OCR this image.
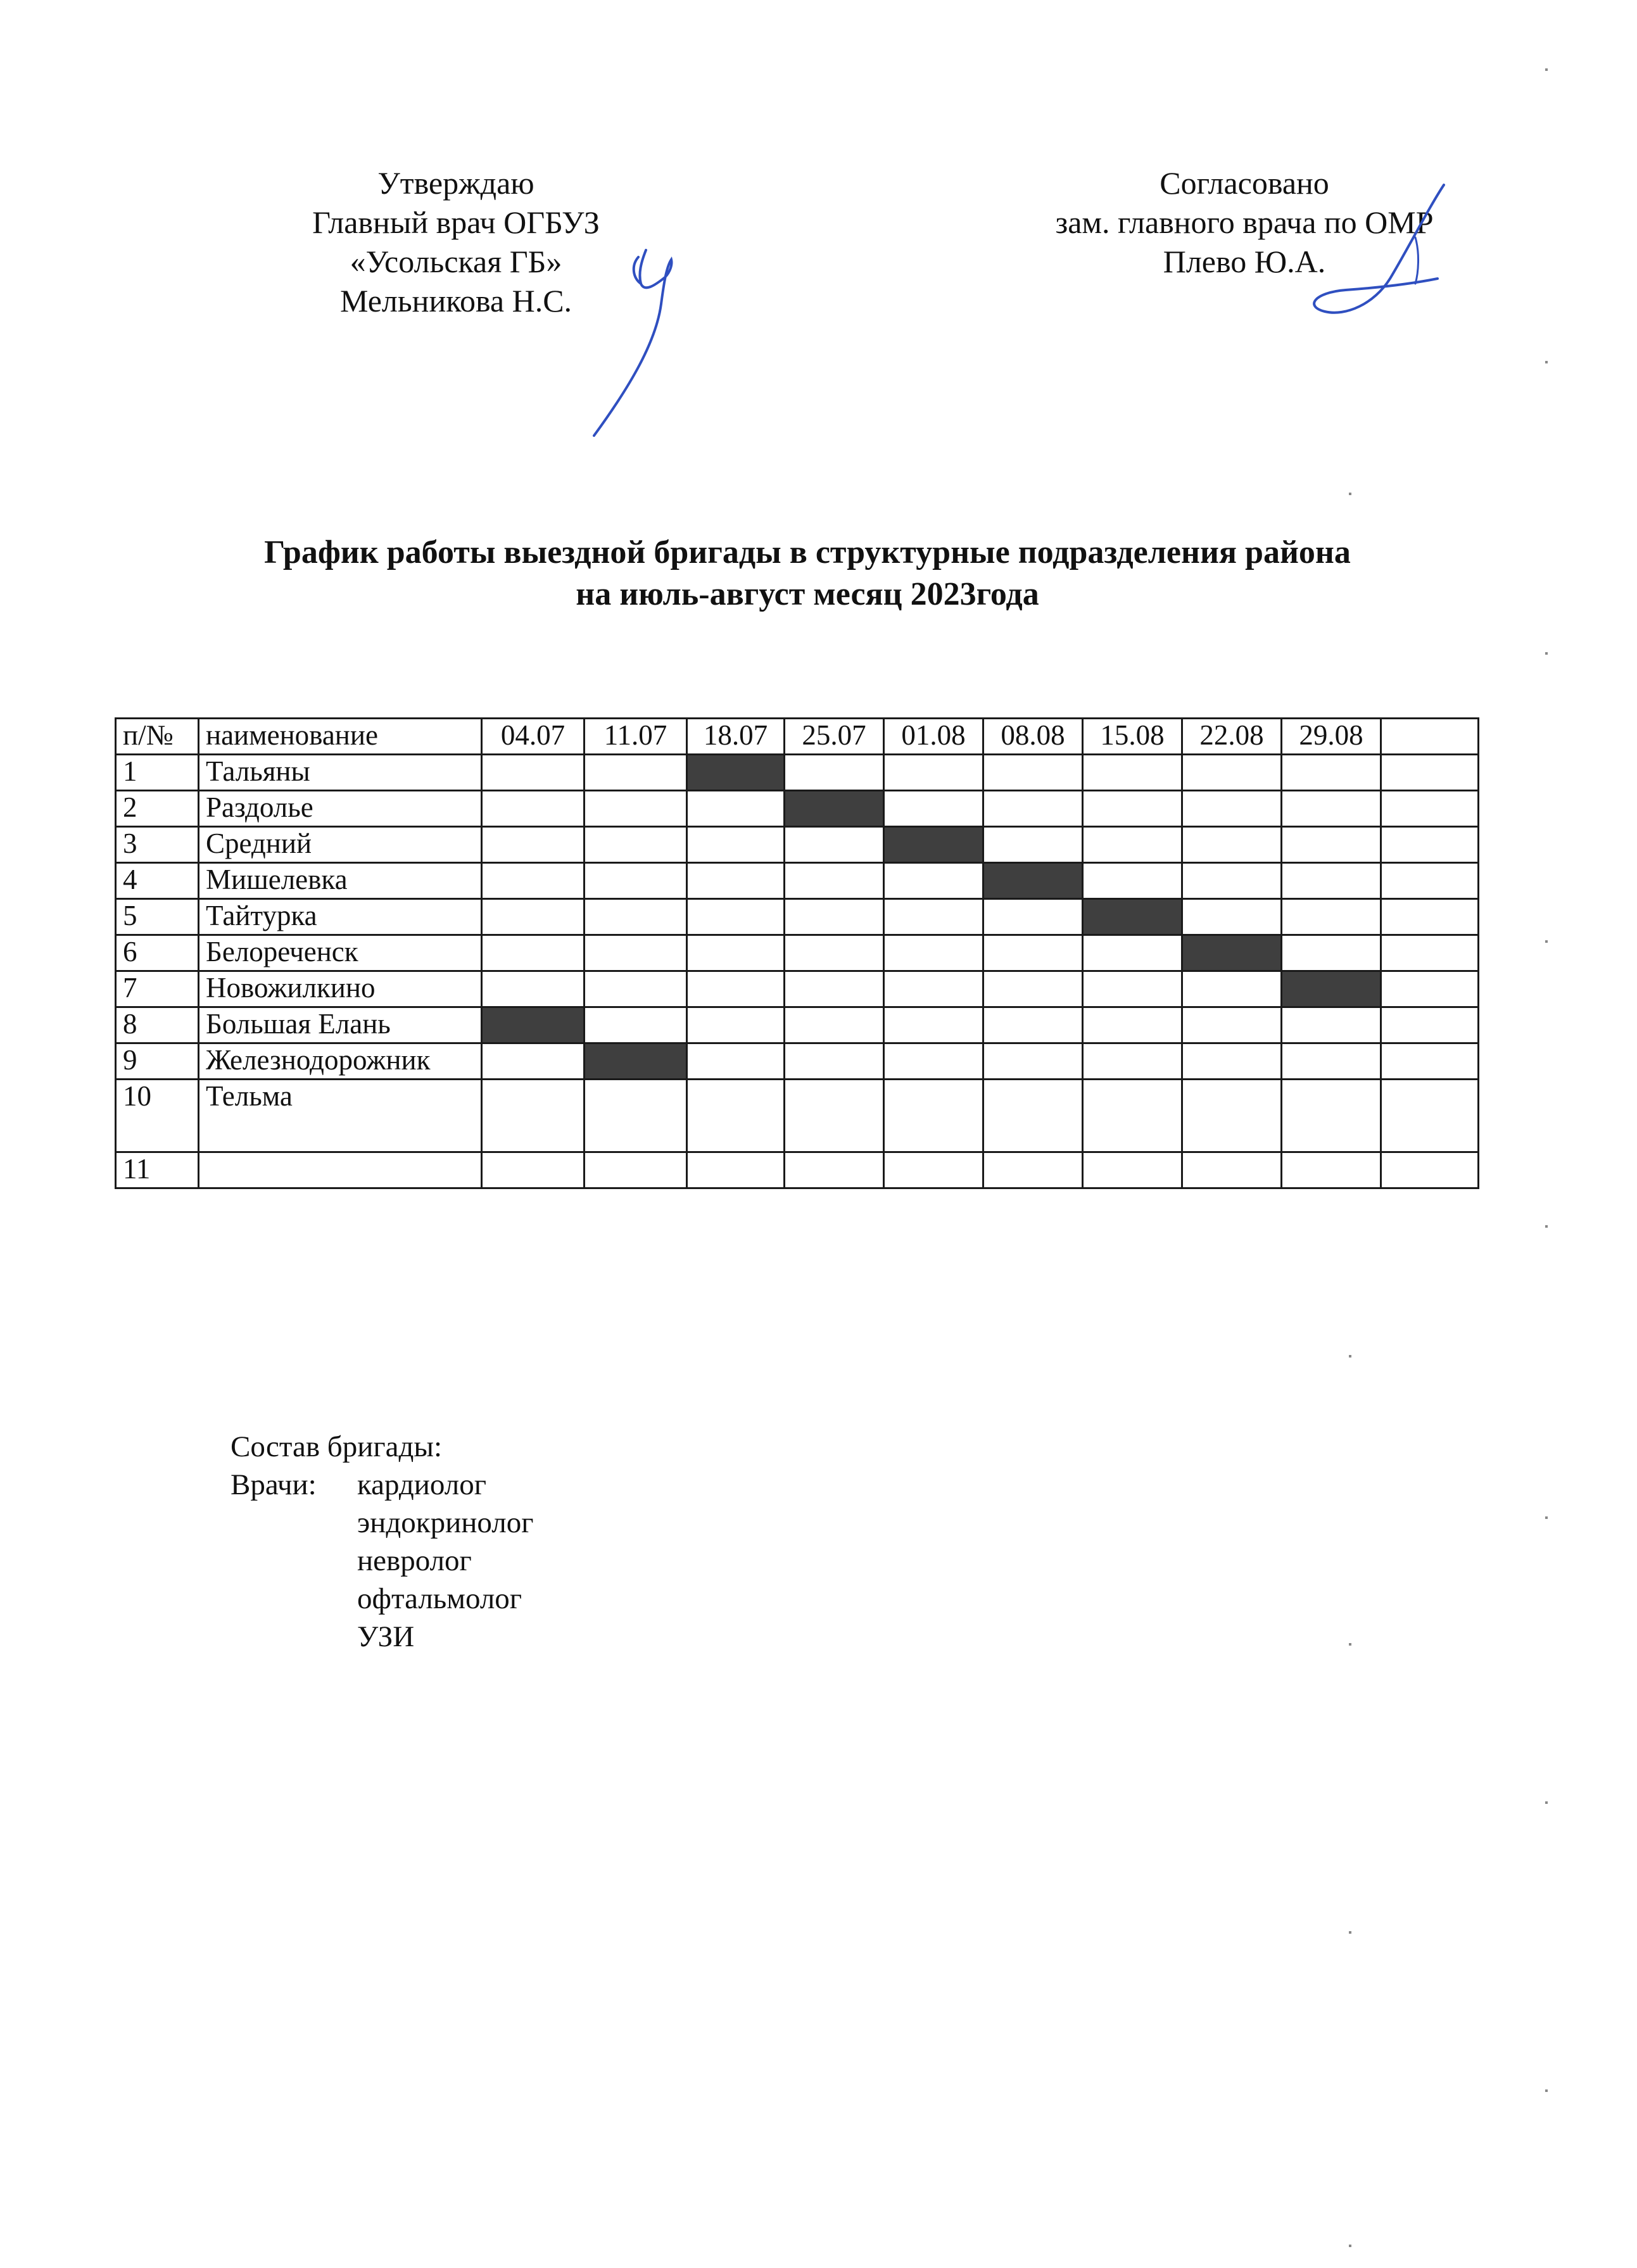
Утверждаю
Главный врач ОГБУЗ «Усольская ГБ»
Мельникова Н.С.
Согласовано
зам. главного врача по ОМР
Плево Ю.А.
График работы выездной бригады в структурные подразделения района
на июль-август месяц 2023года
п/№	наименование	04.07	11.07	18.07	25.07	01.08	08.08	15.08	22.08	29.08	
1	Тальяны										
2	Раздолье										
3	Средний										
4	Мишелевка										
5	Тайтурка										
6	Белореченск										
7	Новожилкино										
8	Большая Елань										
9	Железнодорожник										
10	Тельма										
11											
Состав бригады:
Врачи: кардиолог
эндокринолог
невролог
офтальмолог
УЗИ
